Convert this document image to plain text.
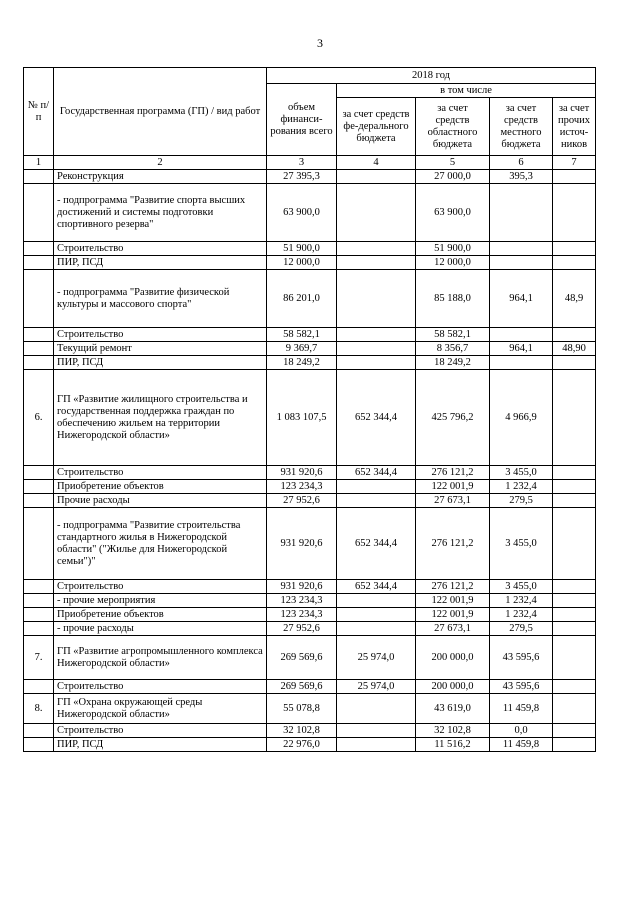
3
№ п/п	Государственная программа (ГП) / вид работ	2018 год				
		объем финанси-рования всего	в том числе			
			за счет средств фе-дерального бюджета	за счет средств областного бюджета	за счет средств местного бюджета	за счет прочих источ-ников
1	2	3	4	5	6	7
	Реконструкция	27 395,3		27 000,0	395,3	
	- подпрограмма "Развитие спорта высших достижений и системы подготовки спортивного резерва"	63 900,0		63 900,0		
	Строительство	51 900,0		51 900,0		
	ПИР, ПСД	12 000,0		12 000,0		
	- подпрограмма "Развитие физической культуры и массового спорта"	86 201,0		85 188,0	964,1	48,9
	Строительство	58 582,1		58 582,1		
	Текущий ремонт	9 369,7		8 356,7	964,1	48,90
	ПИР, ПСД	18 249,2		18 249,2		
6.	ГП «Развитие жилищного строительства и государственная поддержка граждан по обеспечению жильем на территории Нижегородской области»	1 083 107,5	652 344,4	425 796,2	4 966,9	
	Строительство	931 920,6	652 344,4	276 121,2	3 455,0	
	Приобретение объектов	123 234,3		122 001,9	1 232,4	
	Прочие расходы	27 952,6		27 673,1	279,5	
	- подпрограмма "Развитие строительства стандартного жилья в Нижегородской области" ("Жилье для Нижегородской семьи")"	931 920,6	652 344,4	276 121,2	3 455,0	
	Строительство	931 920,6	652 344,4	276 121,2	3 455,0	
	- прочие мероприятия	123 234,3		122 001,9	1 232,4	
	Приобретение объектов	123 234,3		122 001,9	1 232,4	
	- прочие расходы	27 952,6		27 673,1	279,5	
7.	ГП «Развитие агропромышленного комплекса Нижегородской области»	269 569,6	25 974,0	200 000,0	43 595,6	
	Строительство	269 569,6	25 974,0	200 000,0	43 595,6	
8.	ГП «Охрана окружающей среды Нижегородской области»	55 078,8		43 619,0	11 459,8	
	Строительство	32 102,8		32 102,8	0,0	
	ПИР, ПСД	22 976,0		11 516,2	11 459,8	
